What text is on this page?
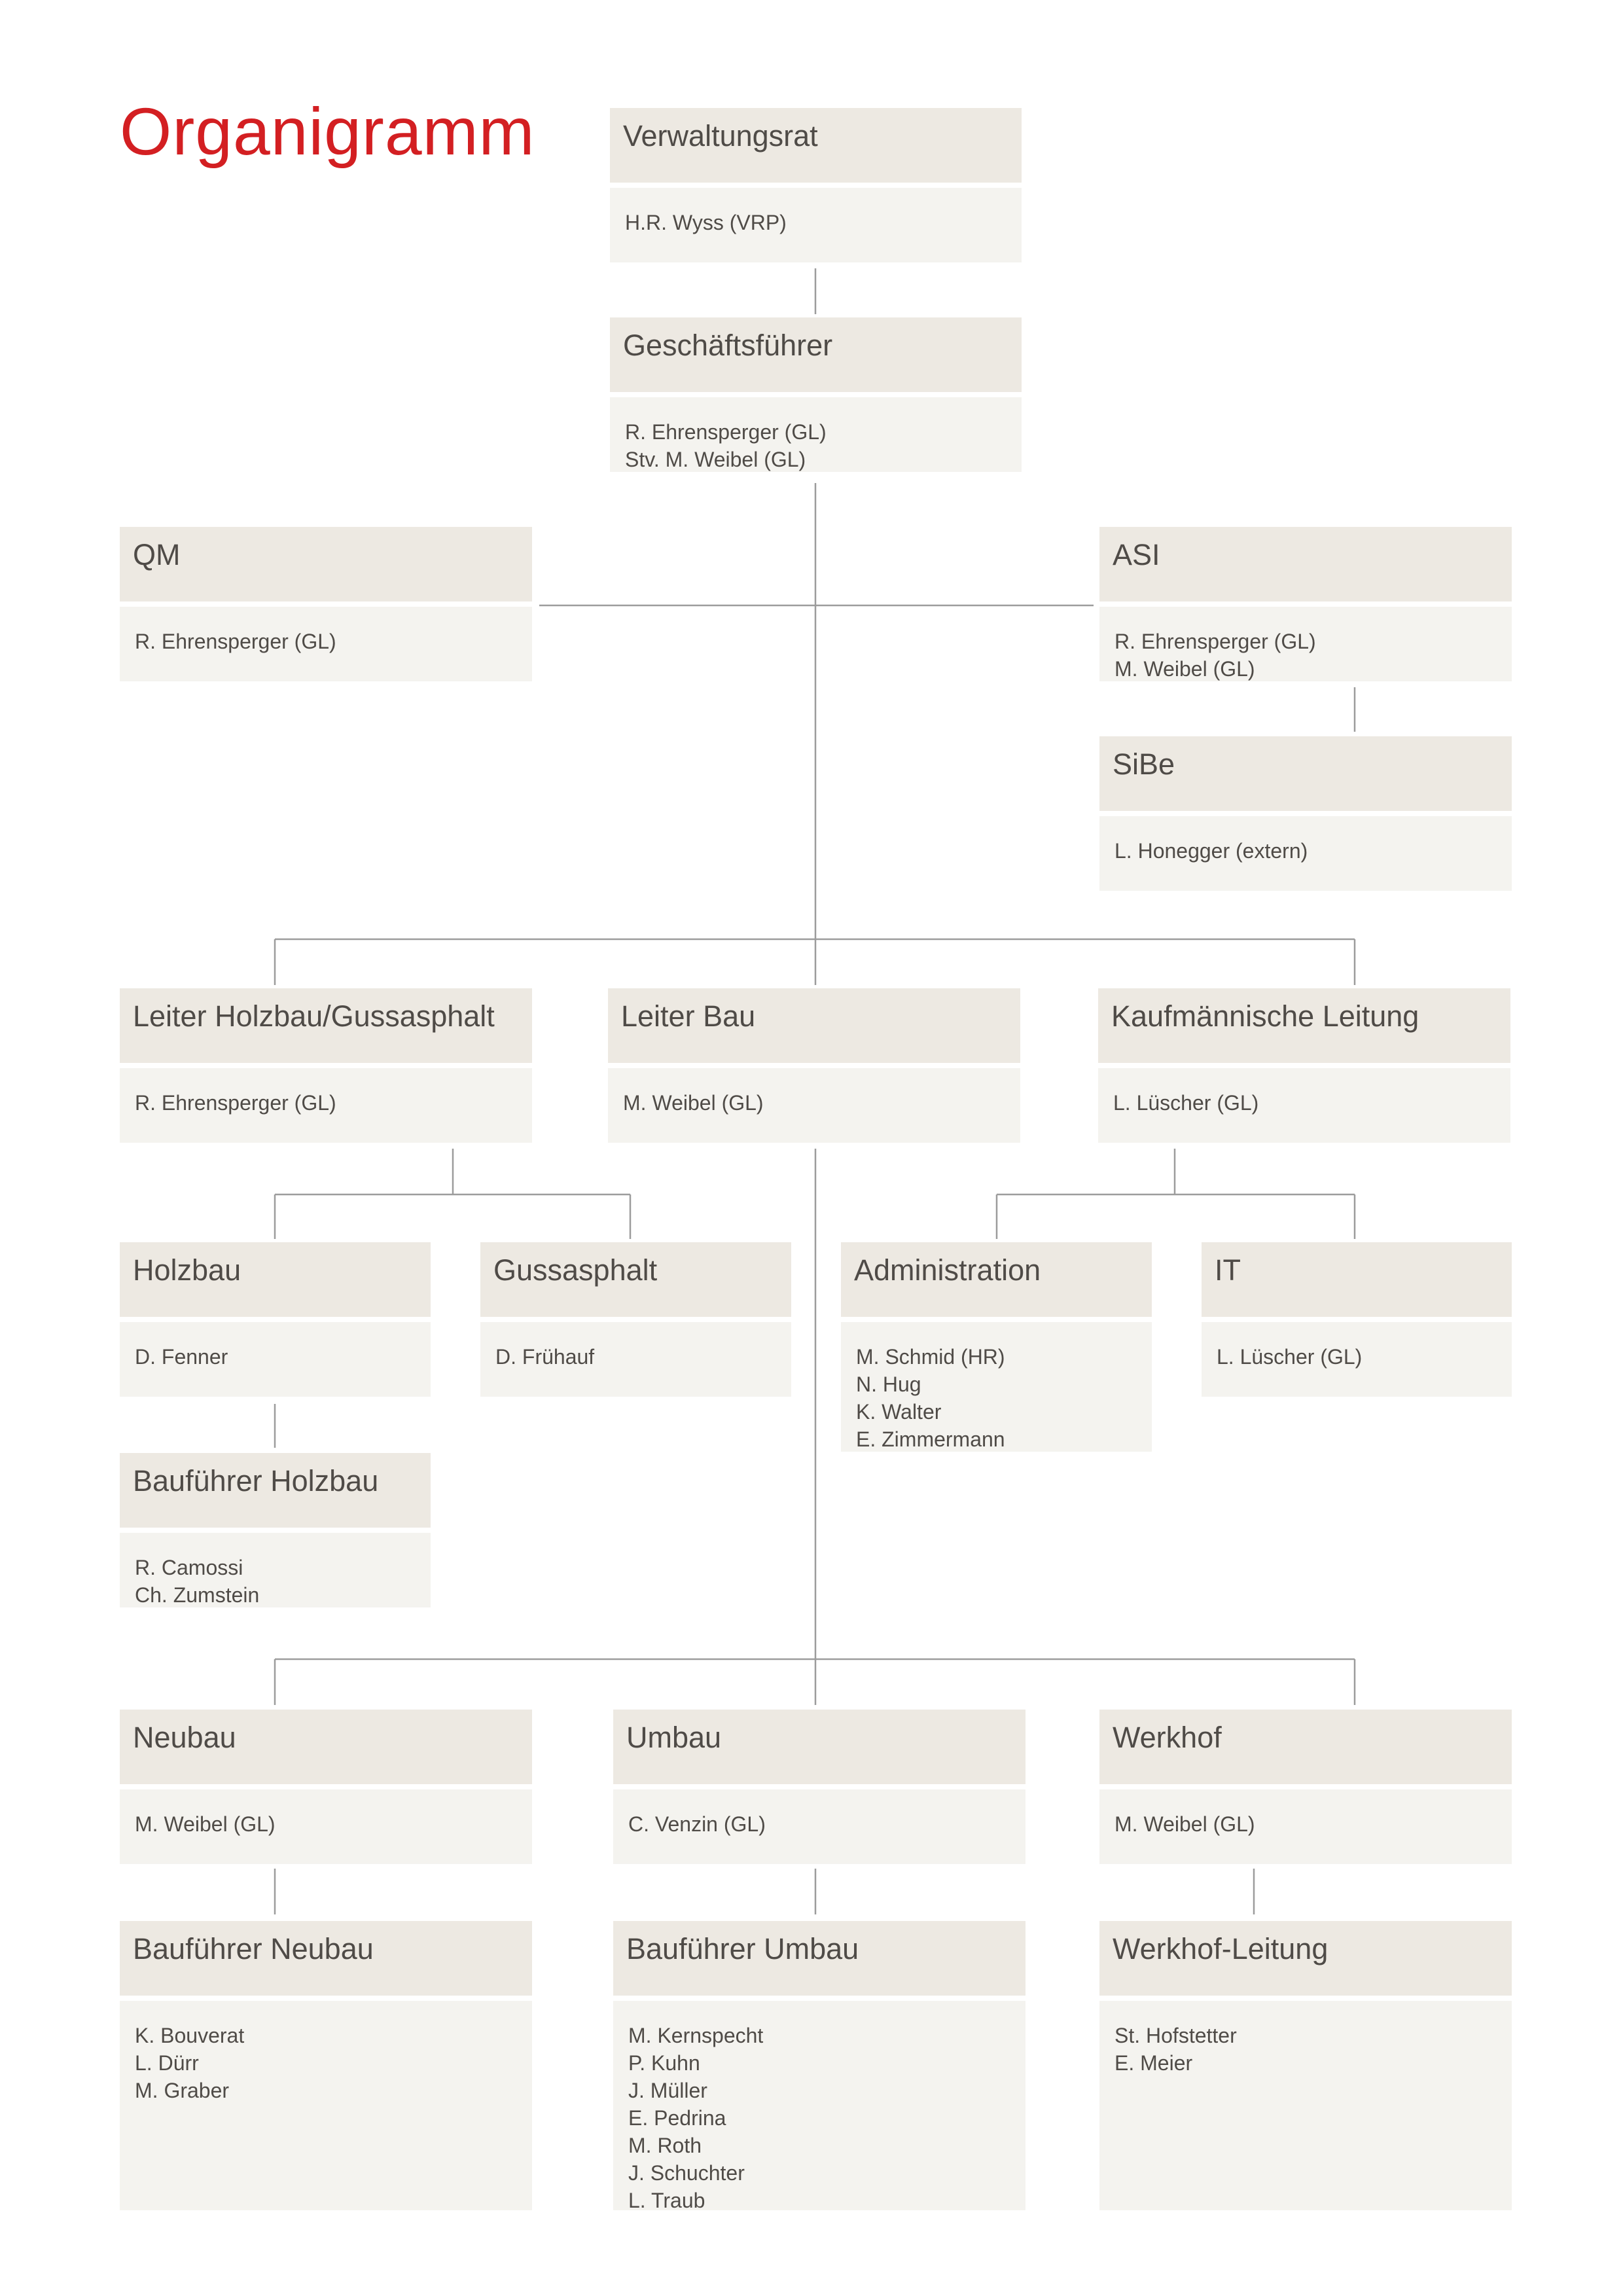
Organigramm	Verwaltungsrat
H.R. Wyss (VRP)
Geschäftsführer
R. Ehrensperger (GL)
Stv. M. Weibel (GL)
QM
R. Ehrensperger (GL)
ASI
R. Ehrensperger (GL)
M. Weibel (GL)
SiBe
L. Honegger (extern)
Leiter Holzbau/Gussasphalt
R. Ehrensperger (GL)
Leiter Bau
M. Weibel (GL)
Kaufmännische Leitung
L. Lüscher (GL)
Holzbau
D. Fenner
Gussasphalt
D. Frühauf
Administration
M. Schmid (HR)
N. Hug
K. Walter
E. Zimmermann
IT
L. Lüscher (GL)
Bauführer Holzbau
R. Camossi
Ch. Zumstein
Neubau
M. Weibel (GL)
Umbau
C. Venzin (GL)
Werkhof
M. Weibel (GL)
Bauführer Neubau
K. Bouverat
L. Dürr
M. Graber
Bauführer Umbau
M. Kernspecht
P. Kuhn
J. Müller
E. Pedrina
M. Roth
J. Schuchter
L. Traub
Werkhof-Leitung
St. Hofstetter
E. Meier
